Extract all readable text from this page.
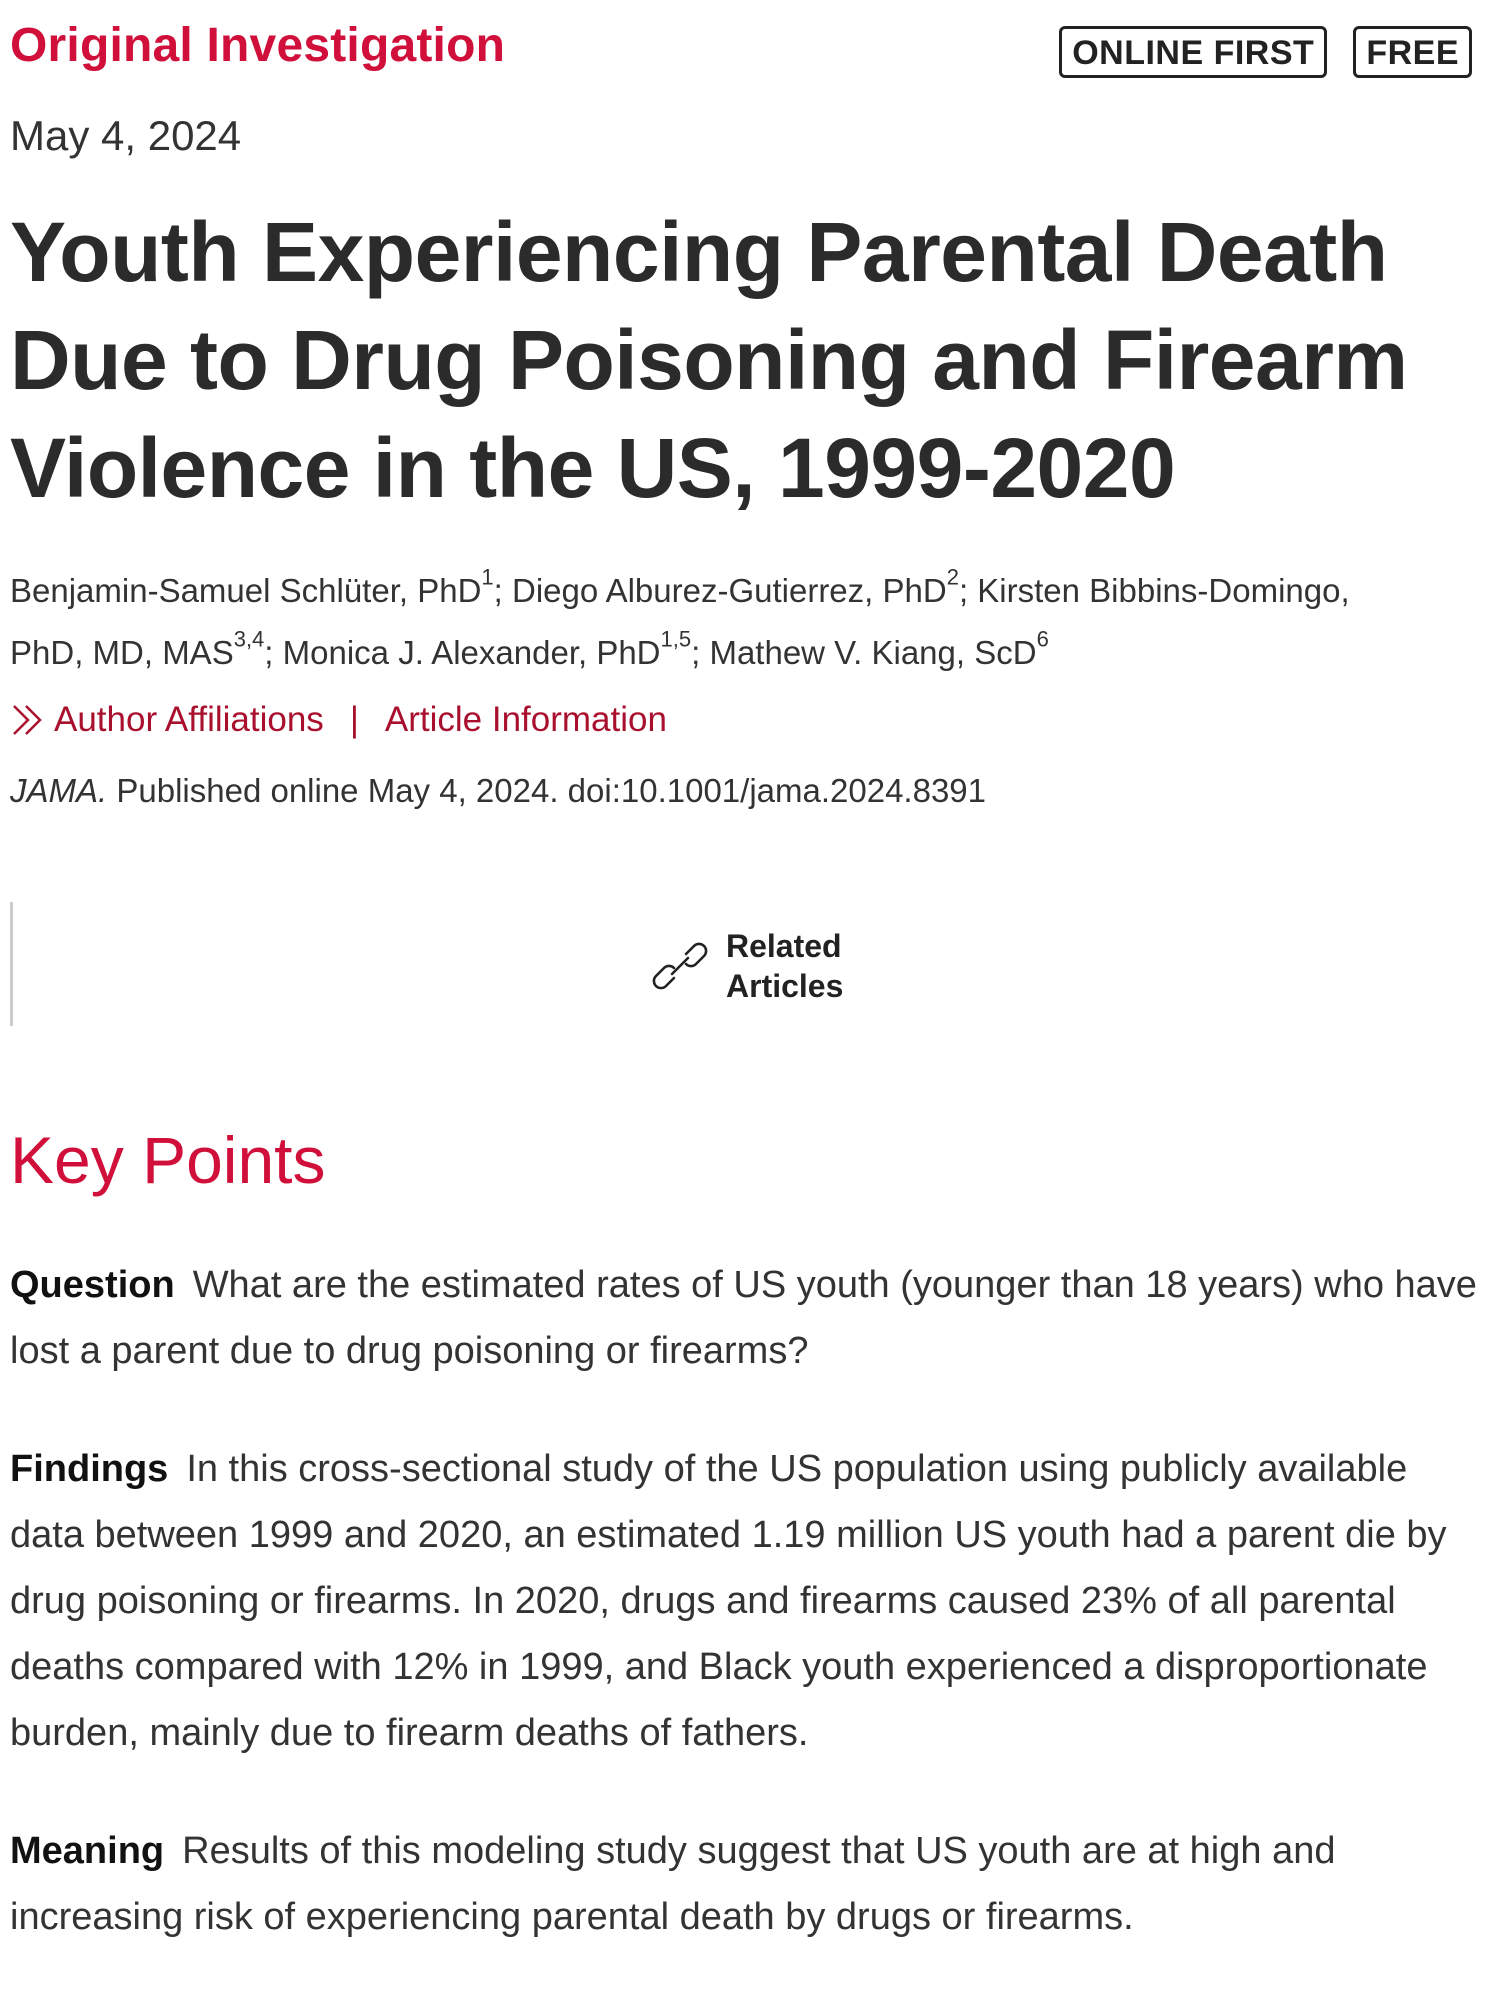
Original Investigation	ONLINE FIRST	FREE
May 4, 2024
Youth Experiencing Parental Death Due to Drug Poisoning and Firearm Violence in the US, 1999-2020
Benjamin-Samuel Schlüter, PhD$^1$; Diego Alburez-Gutierrez, PhD$^2$; Kirsten Bibbins-Domingo, PhD, MD, MAS$^{3,4}$; Monica J. Alexander, PhD$^{1,5}$; Mathew V. Kiang, ScD$^6$
Author Affiliations | Article Information
JAMA. Published online May 4, 2024. doi:10.1001/jama.2024.8391
Related Articles
Key Points

Question What are the estimated rates of US youth (younger than 18 years) who have lost a parent due to drug poisoning or firearms?

Findings In this cross-sectional study of the US population using publicly available data between 1999 and 2020, an estimated 1.19 million US youth had a parent die by drug poisoning or firearms. In 2020, drugs and firearms caused 23% of all parental deaths compared with 12% in 1999, and Black youth experienced a disproportionate burden, mainly due to firearm deaths of fathers.

Meaning Results of this modeling study suggest that US youth are at high and increasing risk of experiencing parental death by drugs or firearms.
